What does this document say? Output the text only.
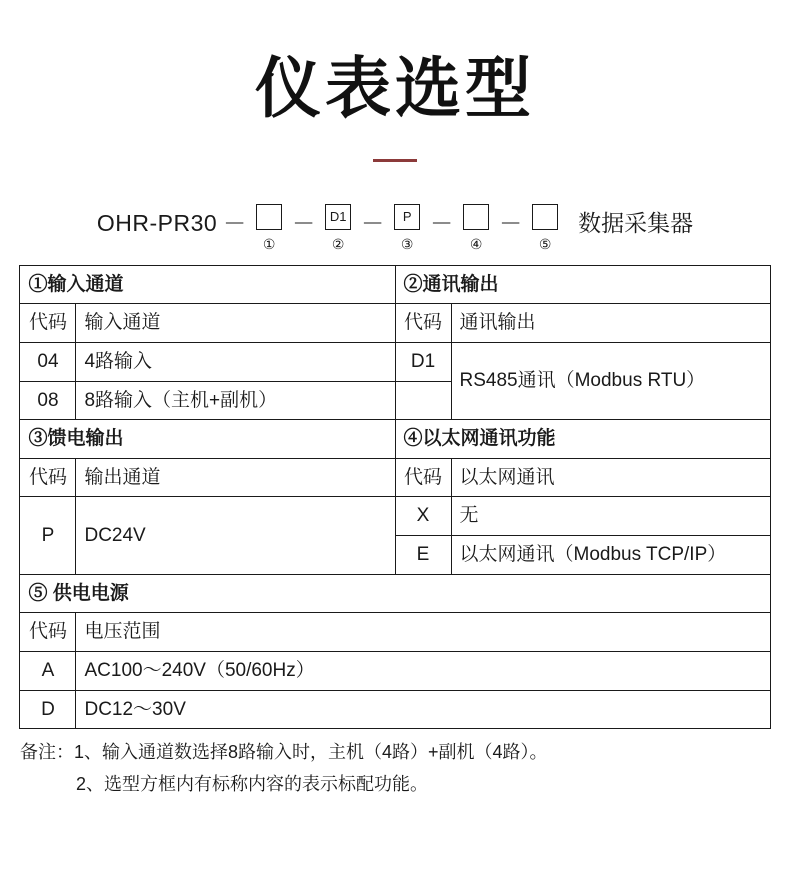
仪表选型
OHR-PR30 －
①
－	D1
②
－	P
③
－
④
－
⑤
数据采集器
①输入通道		②通讯输出	
代码	输入通道	代码	通讯输出
04	4路输入	D1	RS485通讯（Modbus RTU）
08	8路输入（主机+副机）		
③馈电输出		④以太网通讯功能	
代码	输出通道	代码	以太网通讯
P	DC24V	X	无
		E	以太网通讯（Modbus TCP/IP）
⑤ 供电电源			
代码	电压范围		
A	AC100～240V（50/60Hz）		
D	DC12～30V		
备注：1、输入通道数选择8路输入时，主机（4路）+副机（4路）。
2、选型方框内有标称内容的表示标配功能。
